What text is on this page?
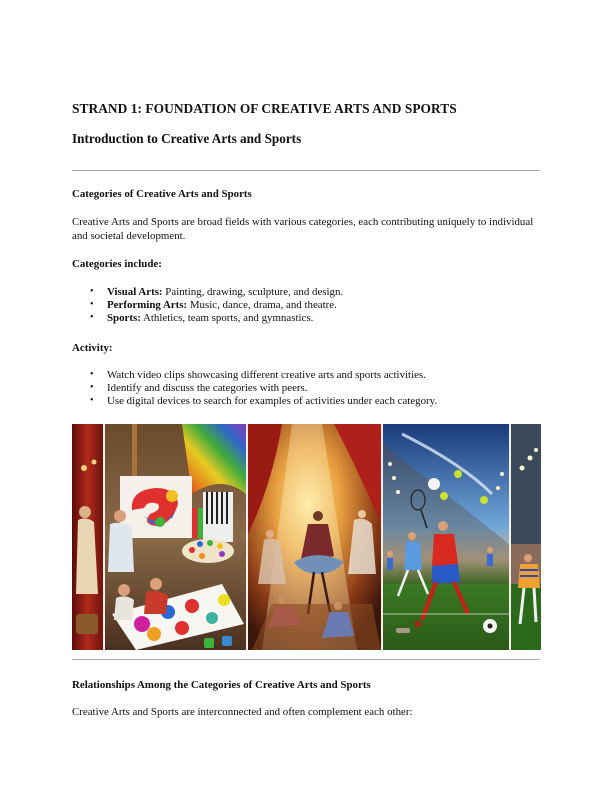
STRAND 1: FOUNDATION OF CREATIVE ARTS AND SPORTS
Introduction to Creative Arts and Sports
Categories of Creative Arts and Sports

Creative Arts and Sports are broad fields with various categories, each contributing uniquely to individual and societal development.

Categories include:
• Visual Arts: Painting, drawing, sculpture, and design.
• Performing Arts: Music, dance, drama, and theatre.
• Sports: Athletics, team sports, and gymnastics.
Activity:
• Watch video clips showcasing different creative arts and sports activities.
• Identify and discuss the categories with peers.
• Use digital devices to search for examples of activities under each category.
Relationships Among the Categories of Creative Arts and Sports

Creative Arts and Sports are interconnected and often complement each other:
